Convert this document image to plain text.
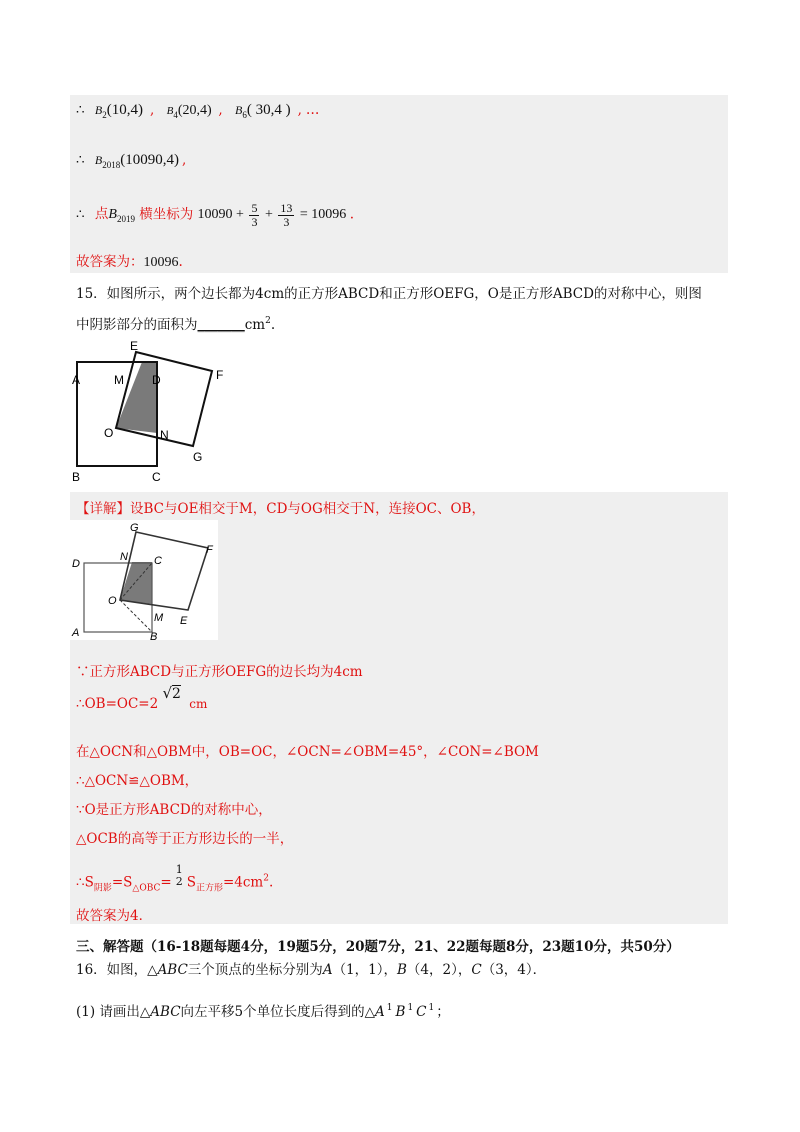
∴ $B_2(10,4)$ , $B_4(20,4)$ , $B_6$( 30,4 ) , …
∴ $B_{2018}(10090,4)$ ,
∴ 点$B_{2019}$ 横坐标为 $10090 + \frac{5}{3} + \frac{13}{3} = 10096$ .
故答案为：10096.
15．如图所示，两个边长都为4cm的正方形ABCD和正方形OEFG，O是正方形ABCD的对称中心，则图
中阴影部分的面积为$\_\_\_\_\_\_\_cm^2$.
A	M D
E
F
O	N
B	C
G
【详解】设BC与OE相交于M，CD与OG相交于N，连接OC、OB，
G
N C
F
D
O
M
A	B
E
∵正方形ABCD与正方形OEFG的边长均为4cm
∴OB=OC=2 √2 cm
在△OCN和△OBM中，OB=OC，∠OCN=∠OBM=45°，∠CON=∠BOM
∴△OCN≌△OBM，
∵O是正方形ABCD的对称中心，
△OCB的高等于正方形边长的一半，
$\therefore S_{阴影}=S_{\triangle OBC}=$
1
2 $S_{正方形}=4cm^2$.
故答案为4．
三、解答题（16-18题每题4分，19题5分，20题7分，21、22题每题8分，23题10分，共50分）
16．如图，△ABC三个顶点的坐标分别为A（1，1），B（4，2），C（3，4）．
(1) 请画出△ABC向左平移5个单位长度后得到的△A $^1$ B $^1$ C $^1$ ；
